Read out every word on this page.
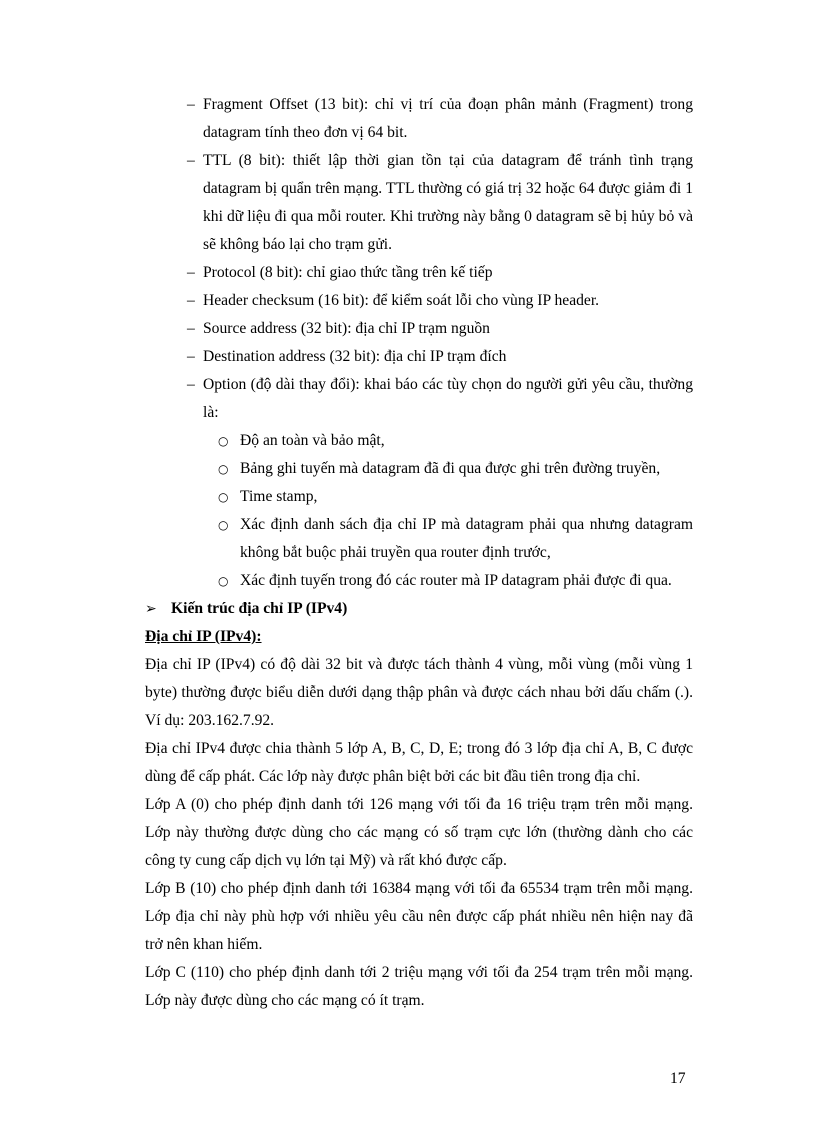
– Fragment Offset (13 bit): chỉ vị trí của đoạn phân mảnh (Fragment) trong datagram tính theo đơn vị 64 bit.
– TTL (8 bit): thiết lập thời gian tồn tại của datagram để tránh tình trạng datagram bị quẩn trên mạng. TTL thường có giá trị 32 hoặc 64 được giảm đi 1 khi dữ liệu đi qua mỗi router. Khi trường này bằng 0 datagram sẽ bị hủy bỏ và sẽ không báo lại cho trạm gửi.
– Protocol (8 bit): chỉ giao thức tầng trên kế tiếp
– Header checksum (16 bit): để kiểm soát lỗi cho vùng IP header.
– Source address (32 bit): địa chỉ IP trạm nguồn
– Destination address (32 bit): địa chỉ IP trạm đích
– Option (độ dài thay đổi): khai báo các tùy chọn do người gửi yêu cầu, thường là:
○ Độ an toàn và bảo mật,
○ Bảng ghi tuyến mà datagram đã đi qua được ghi trên đường truyền,
○ Time stamp,
○ Xác định danh sách địa chỉ IP mà datagram phải qua nhưng datagram không bắt buộc phải truyền qua router định trước,
○ Xác định tuyến trong đó các router mà IP datagram phải được đi qua.
➢ Kiến trúc địa chỉ IP (IPv4)
Địa chỉ IP (IPv4):

Địa chỉ IP (IPv4) có độ dài 32 bit và được tách thành 4 vùng, mỗi vùng (mỗi vùng 1 byte) thường được biểu diễn dưới dạng thập phân và được cách nhau bởi dấu chấm (.). Ví dụ: 203.162.7.92.

Địa chỉ IPv4 được chia thành 5 lớp A, B, C, D, E; trong đó 3 lớp địa chỉ A, B, C được dùng để cấp phát. Các lớp này được phân biệt bởi các bit đầu tiên trong địa chỉ.

Lớp A (0) cho phép định danh tới 126 mạng với tối đa 16 triệu trạm trên mỗi mạng. Lớp này thường được dùng cho các mạng có số trạm cực lớn (thường dành cho các công ty cung cấp dịch vụ lớn tại Mỹ) và rất khó được cấp.

Lớp B (10) cho phép định danh tới 16384 mạng với tối đa 65534 trạm trên mỗi mạng. Lớp địa chỉ này phù hợp với nhiều yêu cầu nên được cấp phát nhiều nên hiện nay đã trở nên khan hiếm.

Lớp C (110) cho phép định danh tới 2 triệu mạng với tối đa 254 trạm trên mỗi mạng. Lớp này được dùng cho các mạng có ít trạm.

17
